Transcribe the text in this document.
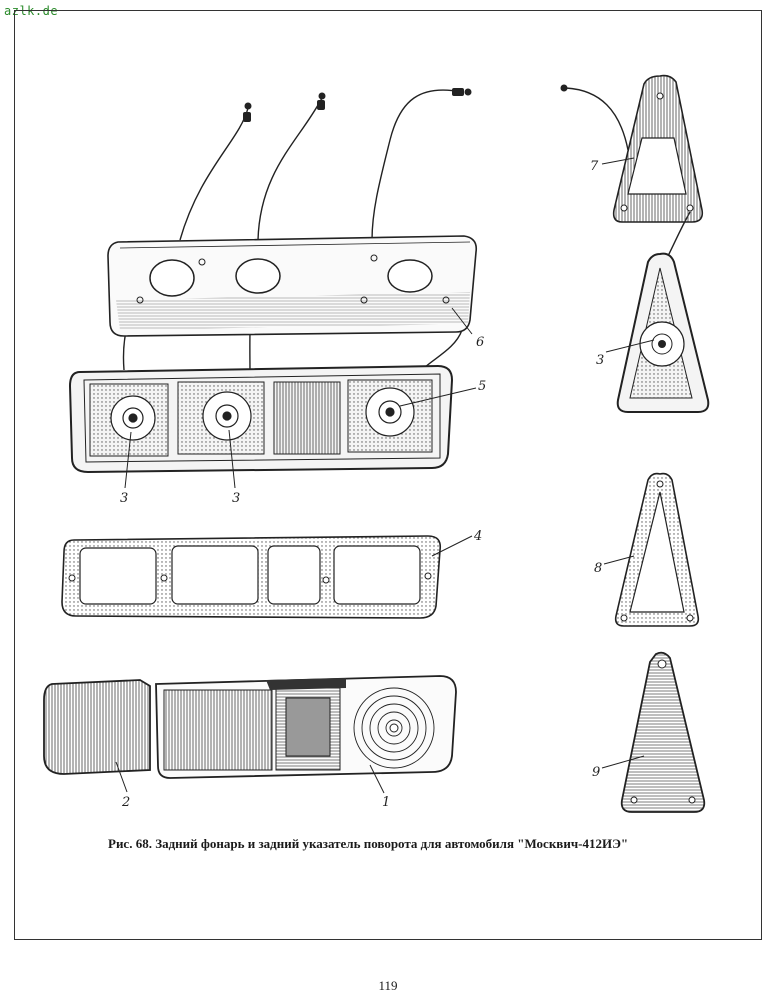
azlk.de
1
2
3	3
3
4
5
6
7
8
9
Рис. 68. Задний фонарь и задний указатель поворота для автомобиля "Москвич-412ИЭ"
119
